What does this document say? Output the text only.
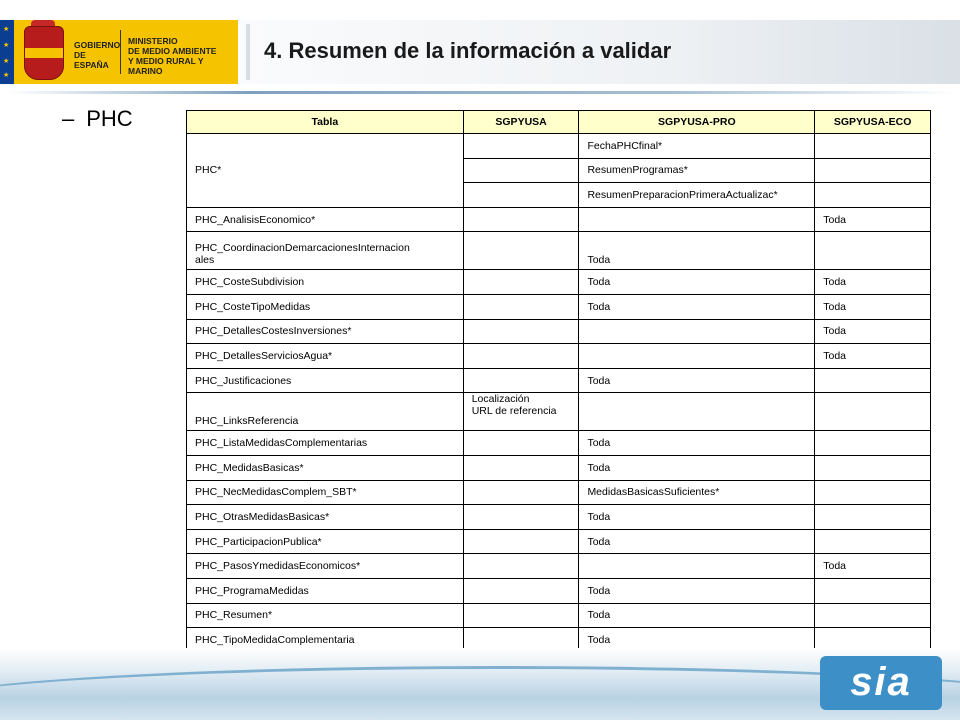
★
★
★
★
GOBIERNO
DE ESPAÑA
MINISTERIO
DE MEDIO AMBIENTE
Y MEDIO RURAL Y MARINO
4. Resumen de la información a validar
– PHC	Tabla	SGPYUSA	SGPYUSA-PRO	SGPYUSA-ECO
PHC*		FechaPHCfinal*	
		ResumenProgramas*	
		ResumenPreparacionPrimeraActualizac*	
PHC_AnalisisEconomico*			Toda
PHC_CoordinacionDemarcacionesInternacion
ales		Toda	
PHC_CosteSubdivision		Toda	Toda
PHC_CosteTipoMedidas		Toda	Toda
PHC_DetallesCostesInversiones*			Toda
PHC_DetallesServiciosAgua*			Toda
PHC_Justificaciones		Toda	
PHC_LinksReferencia	Localización
URL de referencia		
PHC_ListaMedidasComplementarias		Toda	
PHC_MedidasBasicas*		Toda	
PHC_NecMedidasComplem_SBT*		MedidasBasicasSuficientes*	
PHC_OtrasMedidasBasicas*		Toda	
PHC_ParticipacionPublica*		Toda	
PHC_PasosYmedidasEconomicos*			Toda
PHC_ProgramaMedidas		Toda	
PHC_Resumen*		Toda	
PHC_TipoMedidaComplementaria		Toda	
sia
